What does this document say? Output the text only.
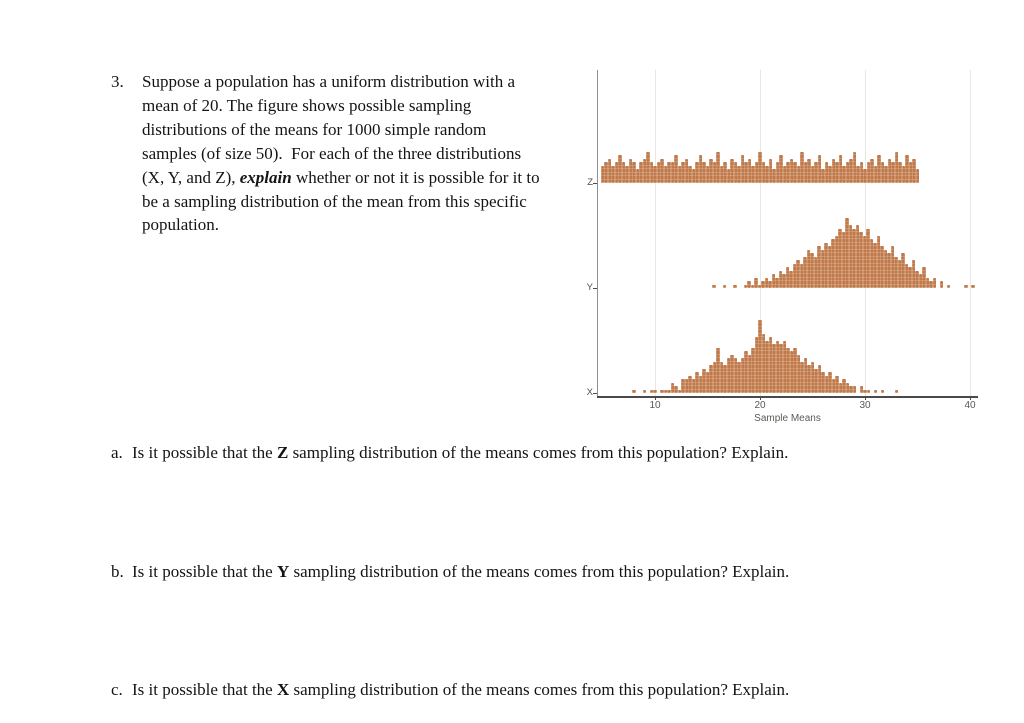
3.	Suppose a population has a uniform distribution with a
mean of 20. The figure shows possible sampling
distributions of the means for 1000 simple random
samples (of size 50).  For each of the three distributions
(X, Y, and Z), explain whether or not it is possible for it to
be a sampling distribution of the mean from this specific
population.
10	20	30	40
Sample Means
Z
Y
X
a. Is it possible that the Z sampling distribution of the means comes from this population? Explain.
b. Is it possible that the Y sampling distribution of the means comes from this population? Explain.
c. Is it possible that the X sampling distribution of the means comes from this population? Explain.
